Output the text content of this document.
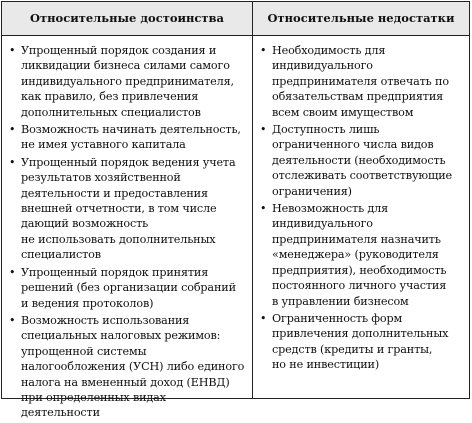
Относительные достоинства	Относительные недостатки
• Упрощенный порядок создания и
ликвидации бизнеса силами самого
индивидуального предпринимателя,
как правило, без привлечения
дополнительных специалистов
• Возможность начинать деятельность,
не имея уставного капитала
• Упрощенный порядок ведения учета
результатов хозяйственной
деятельности и предоставления
внешней отчетности, в том числе
дающий возможность
не использовать дополнительных
специалистов
• Упрощенный порядок принятия
решений (без организации собраний
и ведения протоколов)
• Возможность использования
специальных налоговых режимов:
упрощенной системы
налогообложения (УСН) либо единого
налога на вмененный доход (ЕНВД)
при определенных видах
деятельности
• Необходимость для
индивидуального
предпринимателя отвечать по
обязательствам предприятия
всем своим имуществом
• Доступность лишь
ограниченного числа видов
деятельности (необходимость
отслеживать соответствующие
ограничения)
• Невозможность для
индивидуального
предпринимателя назначить
«менеджера» (руководителя
предприятия), необходимость
постоянного личного участия
в управлении бизнесом
• Ограниченность форм
привлечения дополнительных
средств (кредиты и гранты,
но не инвестиции)
